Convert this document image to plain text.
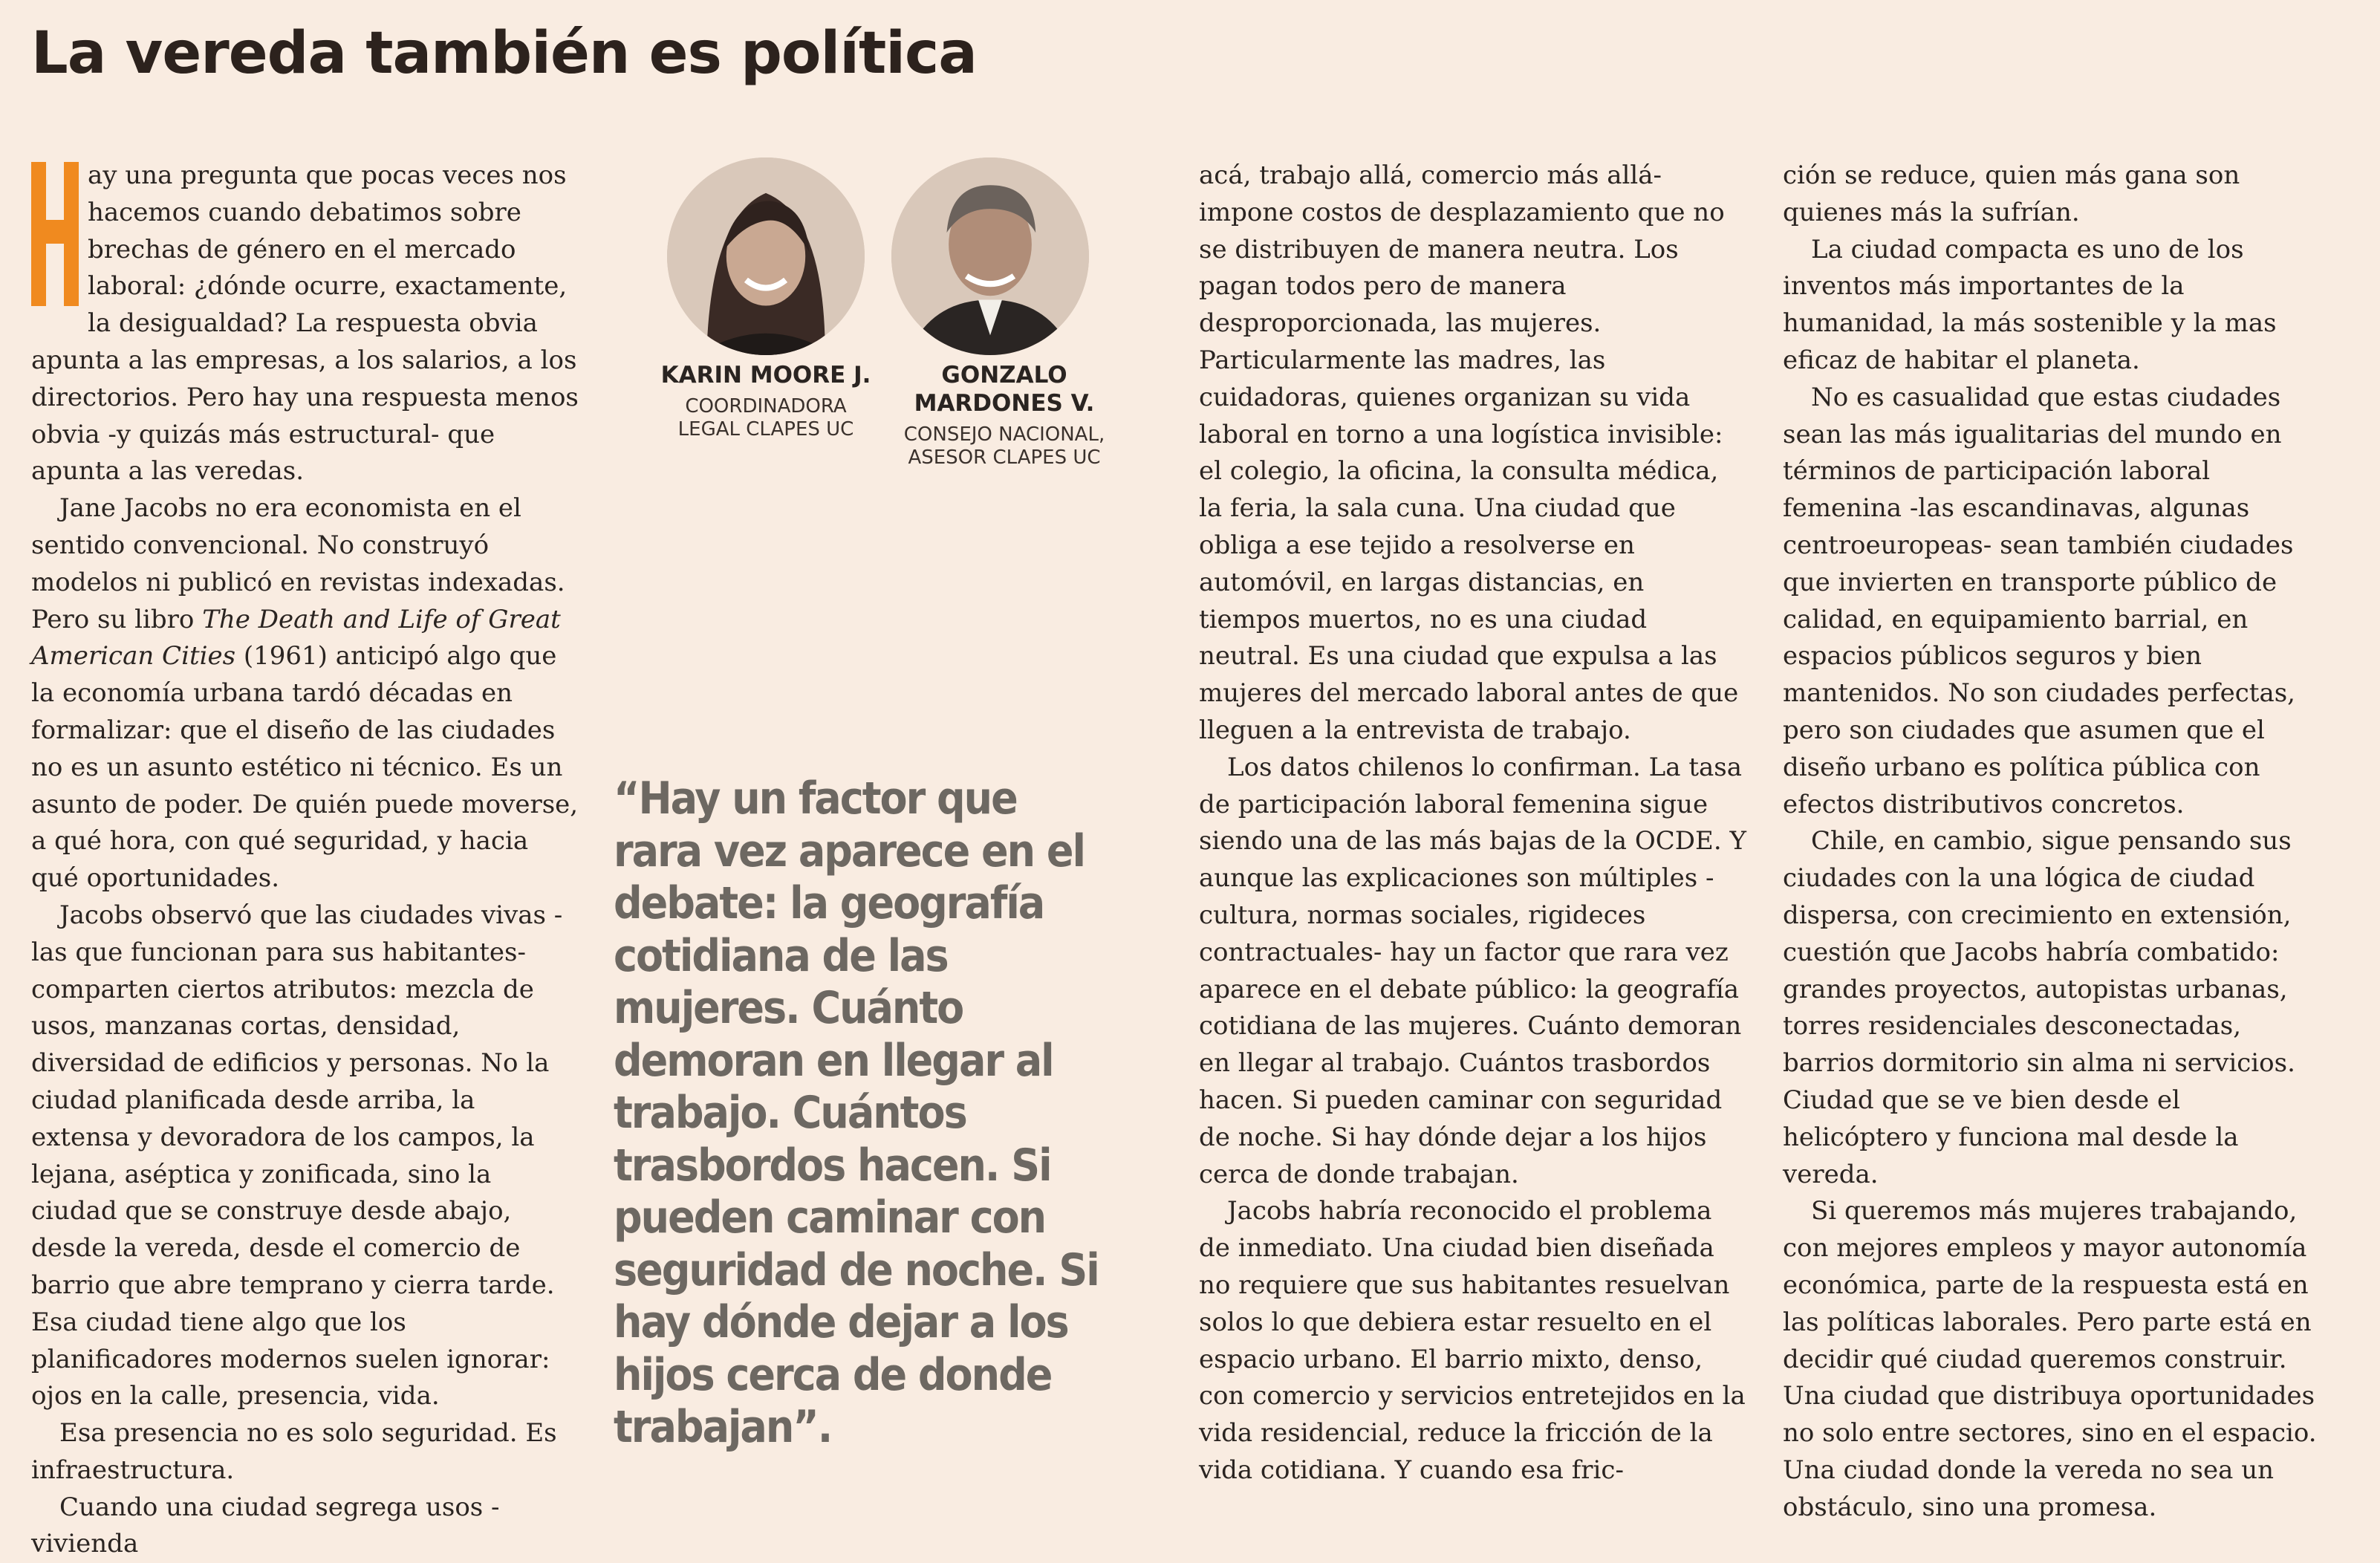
La vereda también es política

ay una pregunta que pocas veces nos hacemos cuando debatimos sobre brechas de género en el mercado laboral: ¿dónde ocurre, exactamente, la desigualdad? La respuesta obvia apunta a las empresas, a los salarios, a los directorios. Pero hay una respuesta menos obvia -y quizás más estructural- que apunta a las veredas.

Jane Jacobs no era economista en el sentido convencional. No construyó modelos ni publicó en revistas indexadas. Pero su libro The Death and Life of Great American Cities (1961) anticipó algo que la economía urbana tardó décadas en formalizar: que el diseño de las ciudades no es un asunto estético ni técnico. Es un asunto de poder. De quién puede moverse, a qué hora, con qué seguridad, y hacia qué oportunidades.

Jacobs observó que las ciudades vivas -las que funcionan para sus habitantes- comparten ciertos atributos: mezcla de usos, manzanas cortas, densidad, diversidad de edificios y personas. No la ciudad planificada desde arriba, la extensa y devoradora de los campos, la lejana, aséptica y zonificada, sino la ciudad que se construye desde abajo, desde la vereda, desde el comercio de barrio que abre temprano y cierra tarde. Esa ciudad tiene algo que los planificadores modernos suelen ignorar: ojos en la calle, presencia, vida.

Esa presencia no es solo seguridad. Es infraestructura.

Cuando una ciudad segrega usos -vivienda

KARIN MOORE J.
COORDINADORA
LEGAL CLAPES UC
GONZALO
MARDONES V.
CONSEJO NACIONAL,
ASESOR CLAPES UC
“Hay un factor que rara vez aparece en el debate: la geografía cotidiana de las mujeres. Cuánto demoran en llegar al trabajo. Cuántos trasbordos hacen. Si pueden caminar con seguridad de noche. Si hay dónde dejar a los hijos cerca de donde trabajan”.

acá, trabajo allá, comercio más allá- impone costos de desplazamiento que no se distribuyen de manera neutra. Los pagan todos pero de manera desproporcionada, las mujeres. Particularmente las madres, las cuidadoras, quienes organizan su vida laboral en torno a una logística invisible: el colegio, la oficina, la consulta médica, la feria, la sala cuna. Una ciudad que obliga a ese tejido a resolverse en automóvil, en largas distancias, en tiempos muertos, no es una ciudad neutral. Es una ciudad que expulsa a las mujeres del mercado laboral antes de que lleguen a la entrevista de trabajo.

Los datos chilenos lo confirman. La tasa de participación laboral femenina sigue siendo una de las más bajas de la OCDE. Y aunque las explicaciones son múltiples -cultura, normas sociales, rigideces contractuales- hay un factor que rara vez aparece en el debate público: la geografía cotidiana de las mujeres. Cuánto demoran en llegar al trabajo. Cuántos trasbordos hacen. Si pueden caminar con seguridad de noche. Si hay dónde dejar a los hijos cerca de donde trabajan.

Jacobs habría reconocido el problema de inmediato. Una ciudad bien diseñada no requiere que sus habitantes resuelvan solos lo que debiera estar resuelto en el espacio urbano. El barrio mixto, denso, con comercio y servicios entretejidos en la vida residencial, reduce la fricción de la vida cotidiana. Y cuando esa fric-

ción se reduce, quien más gana son quienes más la sufrían.

La ciudad compacta es uno de los inventos más importantes de la humanidad, la más sostenible y la mas eficaz de habitar el planeta.

No es casualidad que estas ciudades sean las más igualitarias del mundo en términos de participación laboral femenina -las escandinavas, algunas centroeuropeas- sean también ciudades que invierten en transporte público de calidad, en equipamiento barrial, en espacios públicos seguros y bien mantenidos. No son ciudades perfectas, pero son ciudades que asumen que el diseño urbano es política pública con efectos distributivos concretos.

Chile, en cambio, sigue pensando sus ciudades con la una lógica de ciudad dispersa, con crecimiento en extensión, cuestión que Jacobs habría combatido: grandes proyectos, autopistas urbanas, torres residenciales desconectadas, barrios dormitorio sin alma ni servicios. Ciudad que se ve bien desde el helicóptero y funciona mal desde la vereda.

Si queremos más mujeres trabajando, con mejores empleos y mayor autonomía económica, parte de la respuesta está en las políticas laborales. Pero parte está en decidir qué ciudad queremos construir. Una ciudad que distribuya oportunidades no solo entre sectores, sino en el espacio. Una ciudad donde la vereda no sea un obstáculo, sino una promesa.
